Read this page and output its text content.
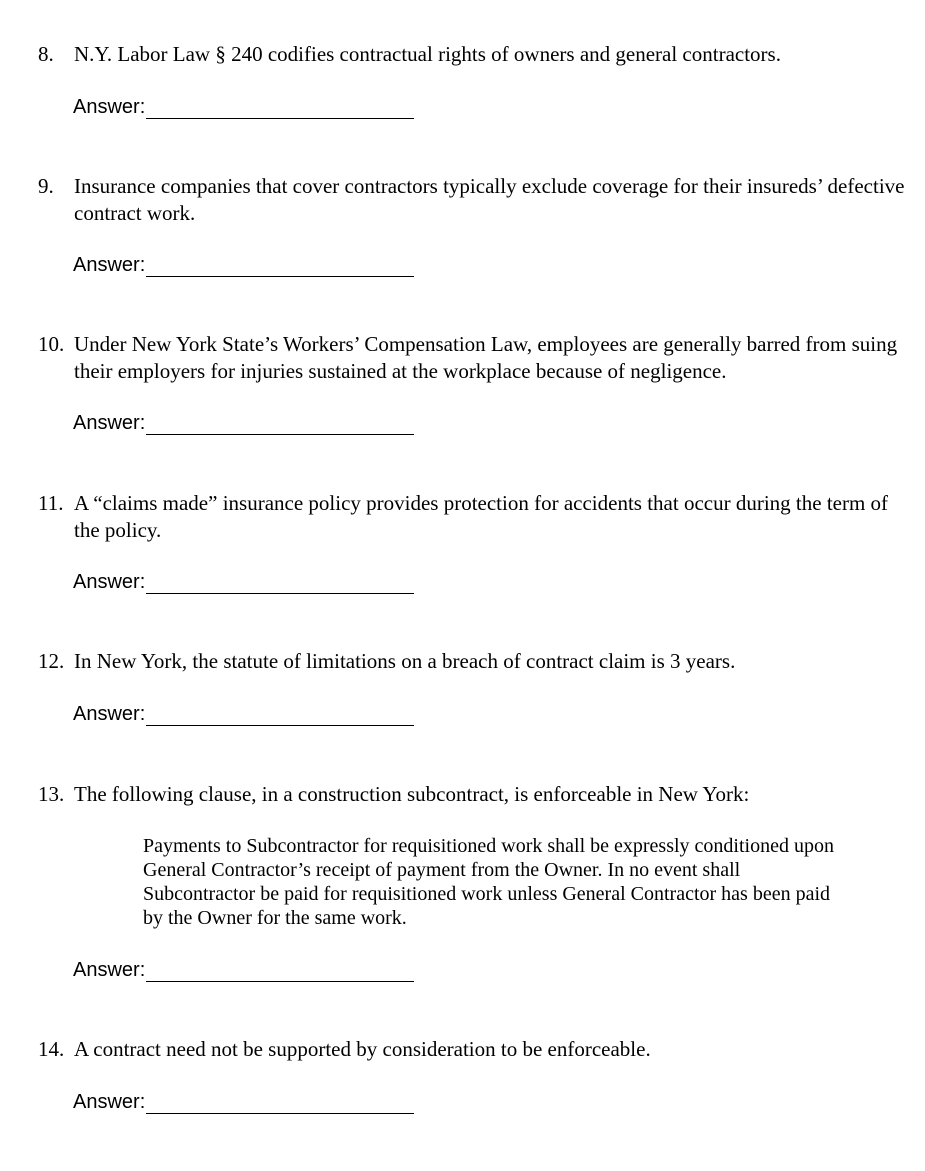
8. N.Y. Labor Law § 240 codifies contractual rights of owners and general contractors.
Answer:
9. Insurance companies that cover contractors typically exclude coverage for their insureds’ defective contract work.
Answer:
10. Under New York State’s Workers’ Compensation Law, employees are generally barred from suing their employers for injuries sustained at the workplace because of negligence.
Answer:
11. A “claims made” insurance policy provides protection for accidents that occur during the term of the policy.
Answer:
12. In New York, the statute of limitations on a breach of contract claim is 3 years.
Answer:
13. The following clause, in a construction subcontract, is enforceable in New York:
Payments to Subcontractor for requisitioned work shall be expressly conditioned upon General Contractor’s receipt of payment from the Owner. In no event shall Subcontractor be paid for requisitioned work unless General Contractor has been paid by the Owner for the same work.
Answer:
14. A contract need not be supported by consideration to be enforceable.
Answer:
